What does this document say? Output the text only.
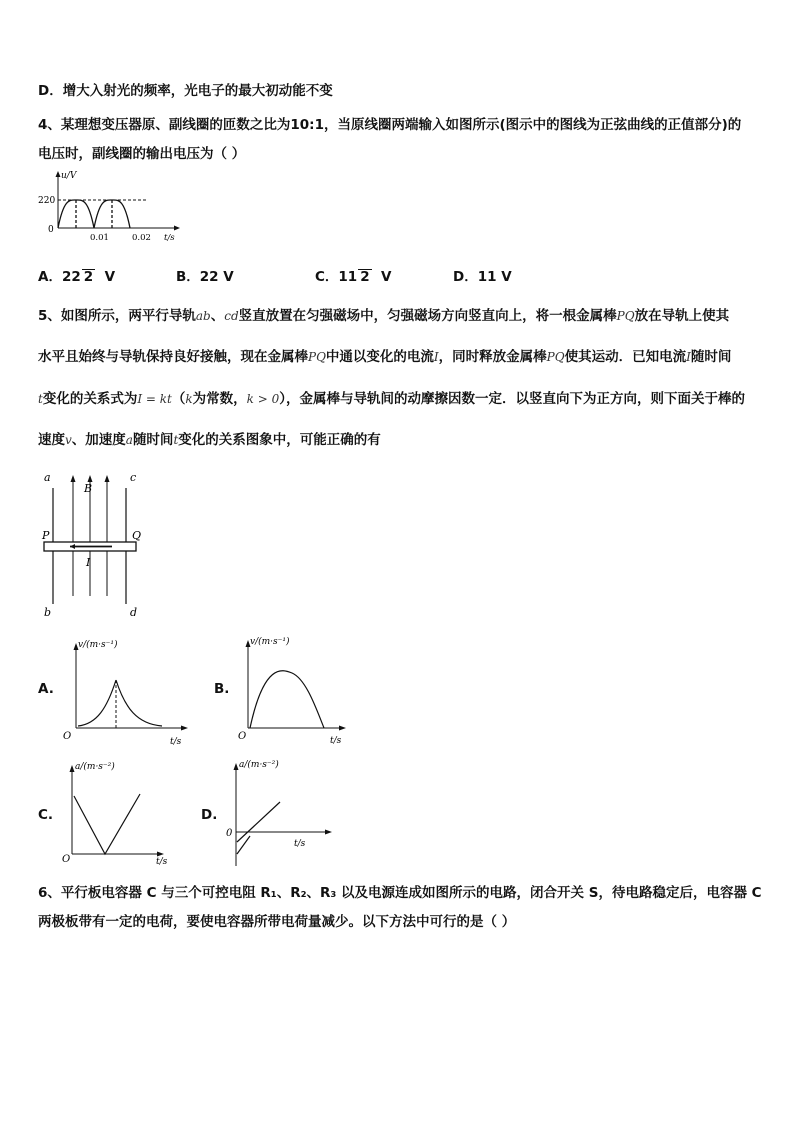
D．增大入射光的频率，光电子的最大初动能不变
4、某理想变压器原、副线圈的匝数之比为10:1，当原线圈两端输入如图所示(图示中的图线为正弦曲线的正值部分)的
电压时，副线圈的输出电压为（ ）
u/V
220
0
0.01	0.02 t/s
A．22 2 V	B．22 V	C．11 2 V	D．11 V
5、如图所示，两平行导轨ab、cd竖直放置在匀强磁场中，匀强磁场方向竖直向上，将一根金属棒PQ放在导轨上使其
水平且始终与导轨保持良好接触，现在金属棒PQ中通以变化的电流I，同时释放金属棒PQ使其运动．已知电流I随时间
t变化的关系式为I = kt（k为常数，k > 0），金属棒与导轨间的动摩擦因数一定．以竖直向下为正方向，则下面关于棒的
速度v、加速度a随时间t变化的关系图象中，可能正确的有
a	c
B
P	Q
I
b	d
A.
v/(m·s⁻¹)
O	t/s
B.
v/(m·s⁻¹)
O	t/s
C.
a/(m·s⁻²)
O	t/s
D.
a/(m·s⁻²)
0
t/s
6、平行板电容器 C 与三个可控电阻 R₁、R₂、R₃ 以及电源连成如图所示的电路，闭合开关 S，待电路稳定后，电容器 C
两极板带有一定的电荷，要使电容器所带电荷量减少。以下方法中可行的是（ ）
